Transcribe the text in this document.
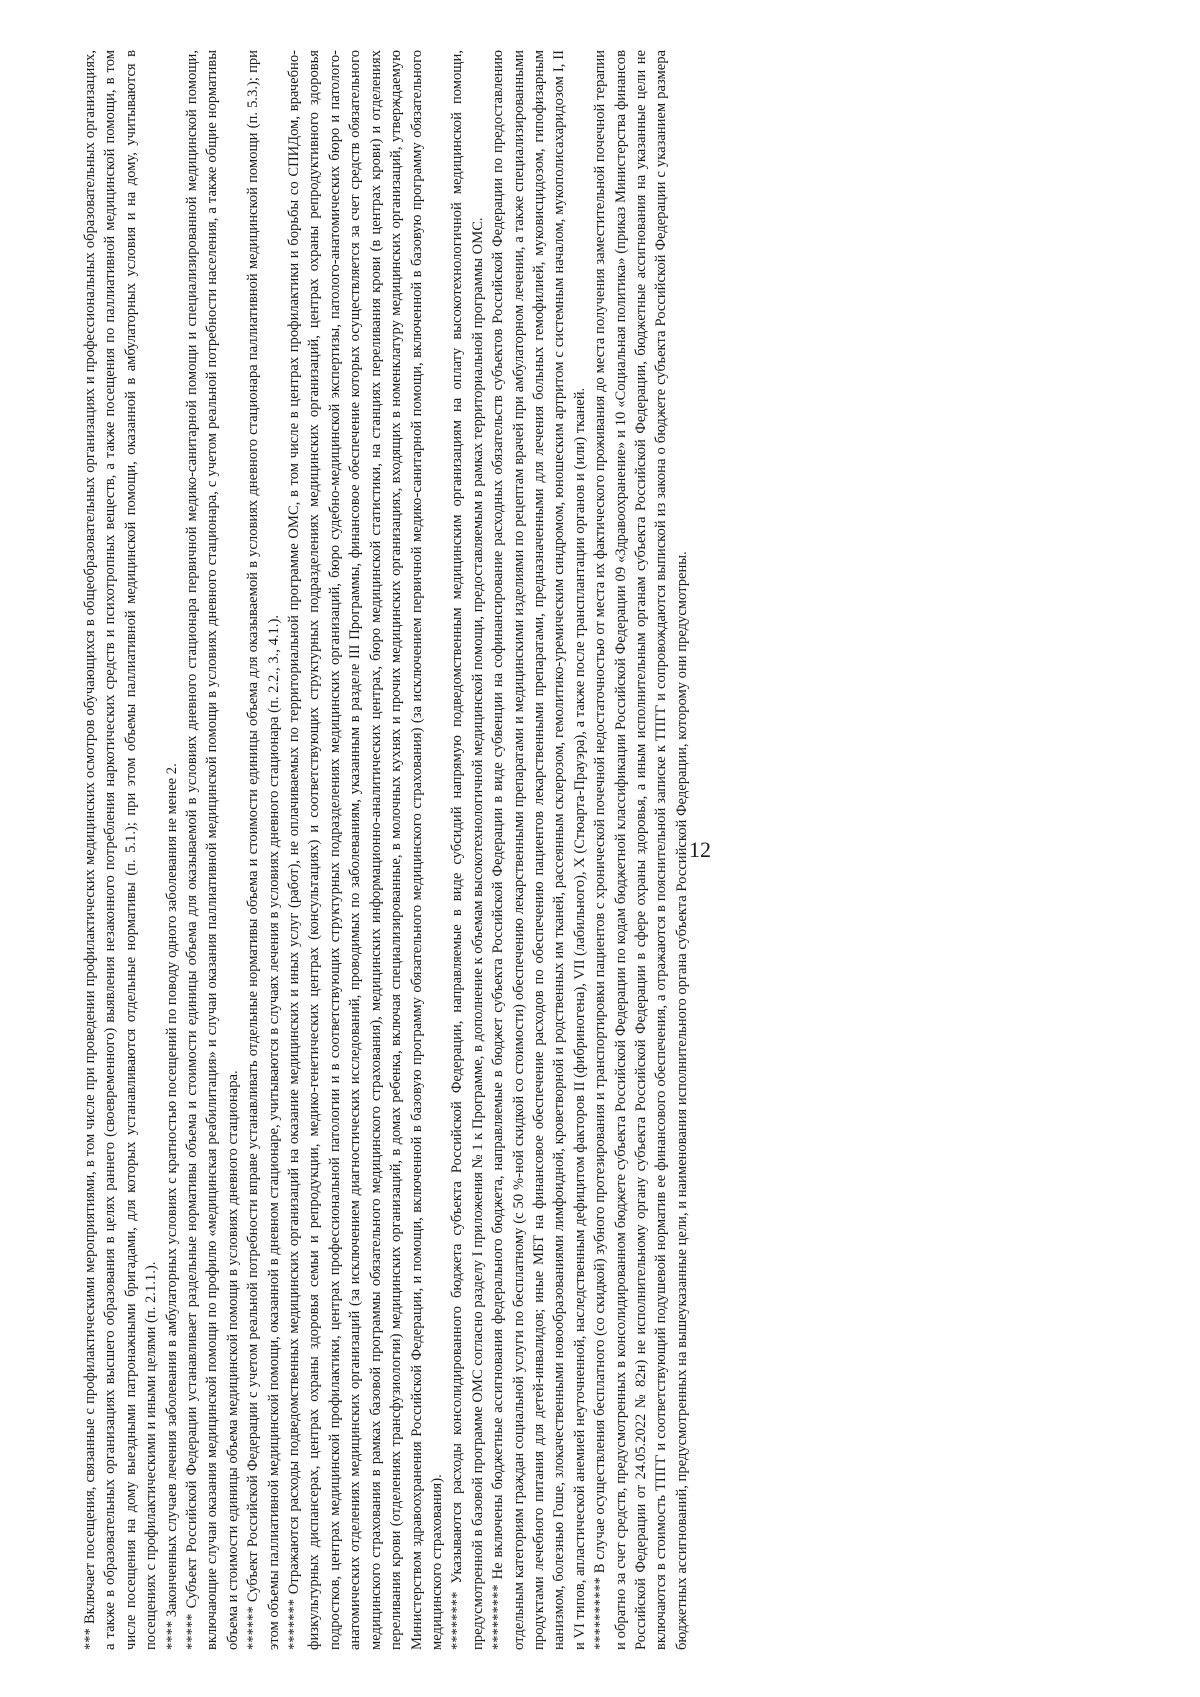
*** Включает посещения, связанные с профилактическими мероприятиями, в том числе при проведении профилактических медицинских осмотров обучающихся в общеобразовательных организациях и профессиональных образовательных организациях, а также в образовательных организациях высшего образования в целях раннего (своевременного) выявления незаконного потребления наркотических средств и психотропных веществ, а также посещения по паллиативной медицинской помощи, в том числе посещения на дому выездными патронажными бригадами, для которых устанавливаются отдельные нормативы (п. 5.1.); при этом объемы паллиативной медицинской помощи, оказанной в амбулаторных условия и на дому, учитываются в посещениях с профилактическими и иными целями (п. 2.1.1.). **** Законченных случаев лечения заболевания в амбулаторных условиях с кратностью посещений по поводу одного заболевания не менее 2. ***** Субъект Российской Федерации устанавливает раздельные нормативы объема и стоимости единицы объема для оказываемой в условиях дневного стационара первичной медико-санитарной помощи и специализированной медицинской помощи, включающие случаи оказания медицинской помощи по профилю «медицинская реабилитация» и случаи оказания паллиативной медицинской помощи в условиях дневного стационара, с учетом реальной потребности населения, а также общие нормативы объема и стоимости единицы объема медицинской помощи в условиях дневного стационара. ****** Субъект Российской Федерации с учетом реальной потребности вправе устанавливать отдельные нормативы объема и стоимости единицы объема для оказываемой в условиях дневного стационара паллиативной медицинской помощи (п. 5.3.); при этом объемы паллиативной медицинской помощи, оказанной в дневном стационаре, учитываются в случаях лечения в условиях дневного стационара (п. 2.2., 3., 4.1.). ******* Отражаются расходы подведомственных медицинских организаций на оказание медицинских и иных услуг (работ), не оплачиваемых по территориальной программе ОМС, в том числе в центрах профилактики и борьбы со СПИДом, врачебно-физкультурных диспансерах, центрах охраны здоровья семьи и репродукции, медико-генетических центрах (консультациях) и соответствующих структурных подразделениях медицинских организаций, центрах охраны репродуктивного здоровья подростков, центрах медицинской профилактики, центрах профессиональной патологии и в соответствующих структурных подразделениях медицинских организаций, бюро судебно-медицинской экспертизы, патолого-анатомических бюро и патолого-анатомических отделениях медицинских организаций (за исключением диагностических исследований, проводимых по заболеваниям, указанным в разделе III Программы, финансовое обеспечение которых осуществляется за счет средств обязательного медицинского страхования в рамках базовой программы обязательного медицинского страхования), медицинских информационно-аналитических центрах, бюро медицинской статистики, на станциях переливания крови (в центрах крови) и отделениях переливания крови (отделениях трансфузиологии) медицинских организаций, в домах ребенка, включая специализированные, в молочных кухнях и прочих медицинских организациях, входящих в номенклатуру медицинских организаций, утверждаемую Министерством здравоохранения Российской Федерации, и помощи, включенной в базовую программу обязательного медицинского страхования) (за исключением первичной медико-санитарной помощи, включенной в базовую программу обязательного медицинского страхования). ******** Указываются расходы консолидированного бюджета субъекта Российской Федерации, направляемые в виде субсидий напрямую подведомственным медицинским организациям на оплату высокотехнологичной медицинской помощи, предусмотренной в базовой программе ОМС согласно разделу I приложения № 1 к Программе, в дополнение к объемам высокотехнологичной медицинской помощи, предоставляемым в рамках территориальной программы ОМС. ********* Не включены бюджетные ассигнования федерального бюджета, направляемые в бюджет субъекта Российской Федерации в виде субвенции на софинансирование расходных обязательств субъектов Российской Федерации по предоставлению отдельным категориям граждан социальной услуги по бесплатному (с 50 %-ной скидкой со стоимости) обеспечению лекарственными препаратами и медицинскими изделиями по рецептам врачей при амбулаторном лечении, а также специализированными продуктами лечебного питания для детей-инвалидов; иные МБТ на финансовое обеспечение расходов по обеспечению пациентов лекарственными препаратами, предназначенными для лечения больных гемофилией, муковисцидозом, гипофизарным нанизмом, болезнью Гоше, злокачественными новообразованиями лимфоидной, кроветворной и родственных им тканей, рассеянным склерозом, гемолитико-уремическим синдромом, юношеским артритом с системным началом, мукополисахаридозом I, II и VI типов, апластической анемией неуточненной, наследственным дефицитом факторов II (фибриногена), VII (лабильного), X (Стюарта-Прауэра), а также после трансплантации органов и (или) тканей. ********** В случае осуществления бесплатного (со скидкой) зубного протезирования и транспортировки пациентов с хронической почечной недостаточностью от места их фактического проживания до места получения заместительной почечной терапии и обратно за счет средств, предусмотренных в консолидированном бюджете субъекта Российской Федерации по кодам бюджетной классификации Российской Федерации 09 «Здравоохранение» и 10 «Социальная политика» (приказ Министерства финансов Российской Федерации от 24.05.2022 № 82н) не исполнительному органу субъекта Российской Федерации в сфере охраны здоровья, а иным исполнительным органам субъекта Российской Федерации, бюджетные ассигнования на указанные цели не включаются в стоимость ТПГГ и соответствующий подушевой норматив ее финансового обеспечения, а отражаются в пояснительной записке к ТПГГ и сопровождаются выпиской из закона о бюджете субъекта Российской Федерации с указанием размера бюджетных ассигнований, предусмотренных на вышеуказанные цели, и наименования исполнительного органа субъекта Российской Федерации, которому они предусмотрены. 12
